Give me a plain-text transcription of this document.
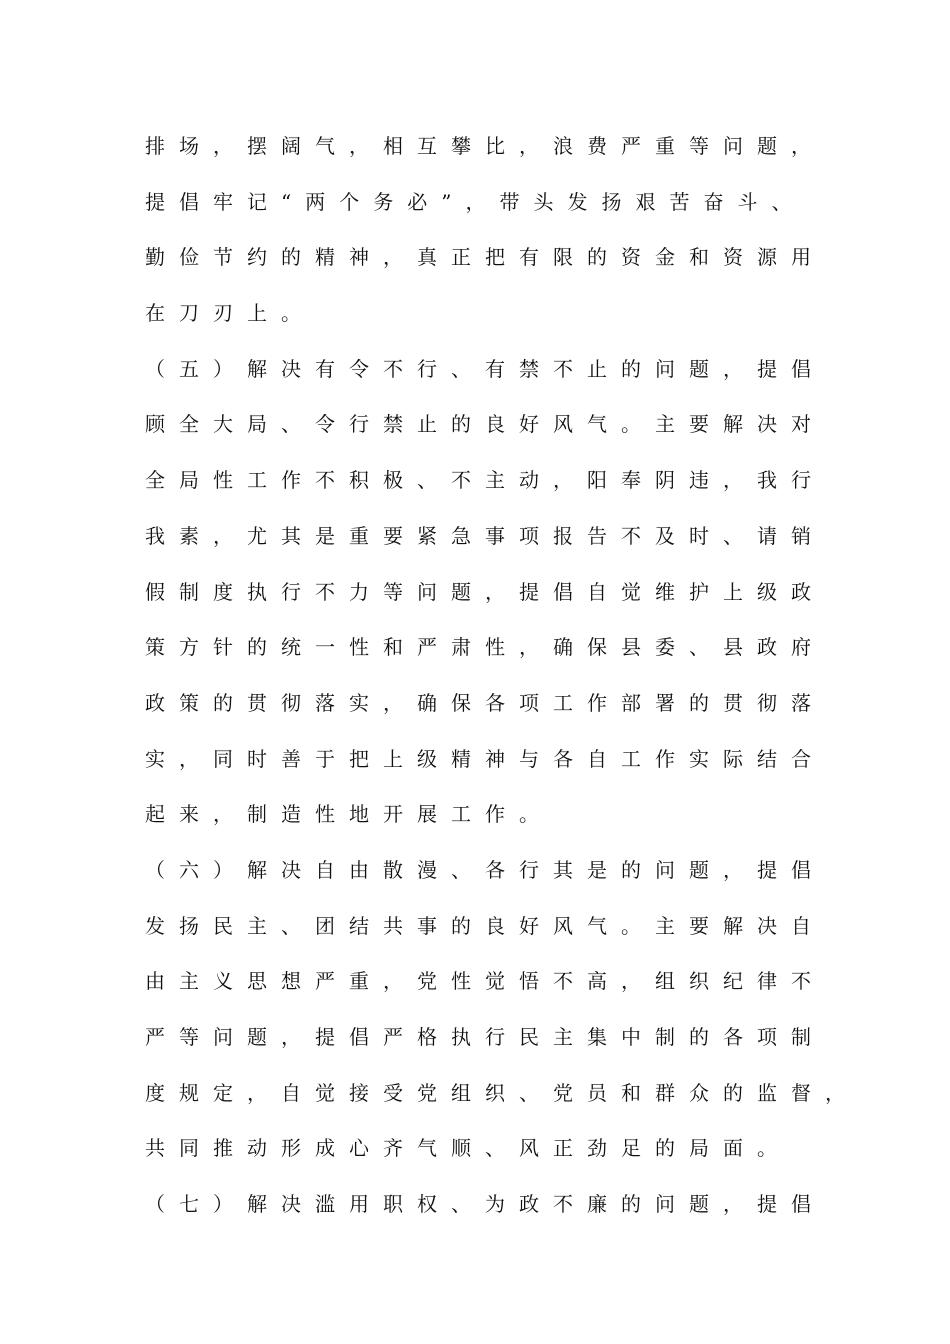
排场，摆阔气，相互攀比，浪费严重等问题，
提倡牢记“两个务必”，带头发扬艰苦奋斗、
勤俭节约的精神，真正把有限的资金和资源用
在刀刃上。
（五）解决有令不行、有禁不止的问题，提倡
顾全大局、令行禁止的良好风气。主要解决对
全局性工作不积极、不主动，阳奉阴违，我行
我素，尤其是重要紧急事项报告不及时、请销
假制度执行不力等问题，提倡自觉维护上级政
策方针的统一性和严肃性，确保县委、县政府
政策的贯彻落实，确保各项工作部署的贯彻落
实，同时善于把上级精神与各自工作实际结合
起来，制造性地开展工作。
（六）解决自由散漫、各行其是的问题，提倡
发扬民主、团结共事的良好风气。主要解决自
由主义思想严重，党性觉悟不高，组织纪律不
严等问题，提倡严格执行民主集中制的各项制
度规定，自觉接受党组织、党员和群众的监督，
共同推动形成心齐气顺、风正劲足的局面。
（七）解决滥用职权、为政不廉的问题，提倡
